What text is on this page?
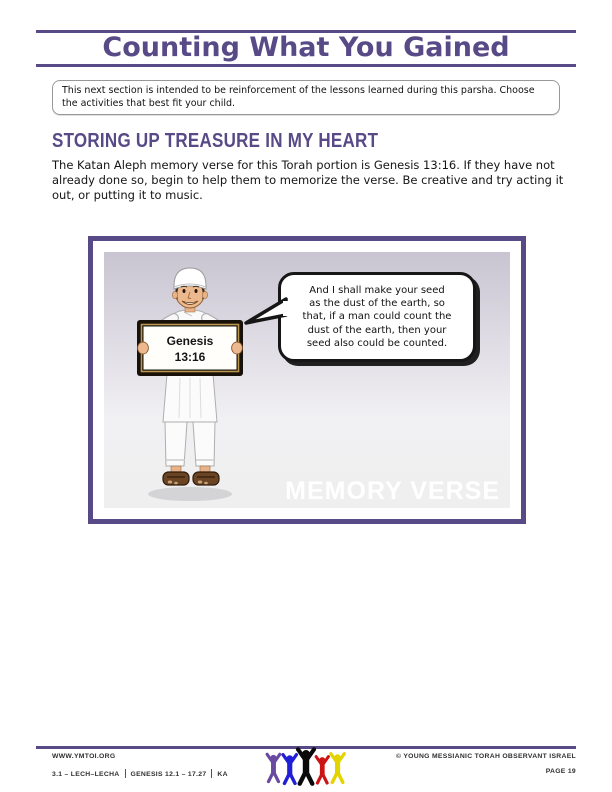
Counting What You Gained
This next section is intended to be reinforcement of the lessons learned during this parsha. Choose the activities that best fit your child.
STORING UP TREASURE IN MY HEART
The Katan Aleph memory verse for this Torah portion is Genesis 13:16. If they have not already done so, begin to help them to memorize the verse. Be creative and try acting it out, or putting it to music.
Genesis
13:16
And I shall make your seed
as the dust of the earth, so
that, if a man could count the
dust of the earth, then your
seed also could be counted.
MEMORY VERSE
WWW.YMTOI.ORG
3.1 – LECH–LECHA GENESIS 12.1 – 17.27 KA
© YOUNG MESSIANIC TORAH OBSERVANT ISRAEL
PAGE 19
